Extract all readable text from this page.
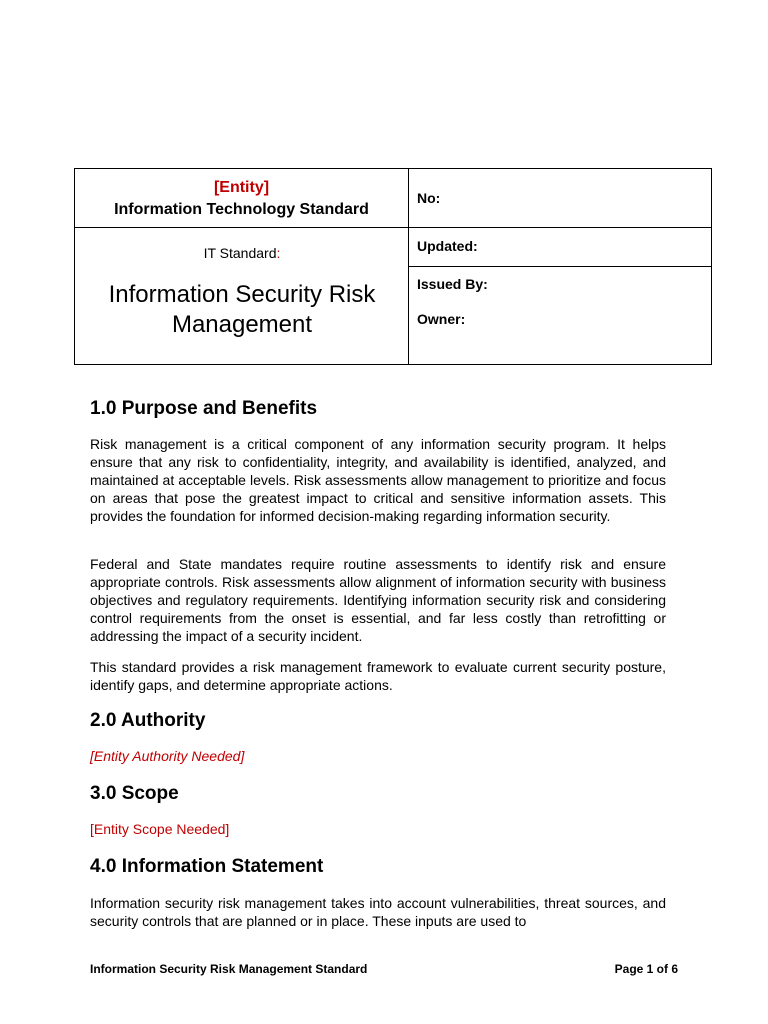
[Entity]
Information Technology Standard
No:
IT Standard:
Information Security Risk
Management
Updated:
Issued By:
Owner:
1.0 Purpose and Benefits
Risk management is a critical component of any information security program. It helps ensure that any risk to confidentiality, integrity, and availability is identified, analyzed, and maintained at acceptable levels. Risk assessments allow management to prioritize and focus on areas that pose the greatest impact to critical and sensitive information assets. This provides the foundation for informed decision-making regarding information security.
Federal and State mandates require routine assessments to identify risk and ensure appropriate controls. Risk assessments allow alignment of information security with business objectives and regulatory requirements. Identifying information security risk and considering control requirements from the onset is essential, and far less costly than retrofitting or addressing the impact of a security incident.
This standard provides a risk management framework to evaluate current security posture, identify gaps, and determine appropriate actions.
2.0 Authority
[Entity Authority Needed]
3.0 Scope
[Entity Scope Needed]
4.0 Information Statement
Information security risk management takes into account vulnerabilities, threat sources, and security controls that are planned or in place. These inputs are used to
Information Security Risk Management Standard	Page 1 of 6
